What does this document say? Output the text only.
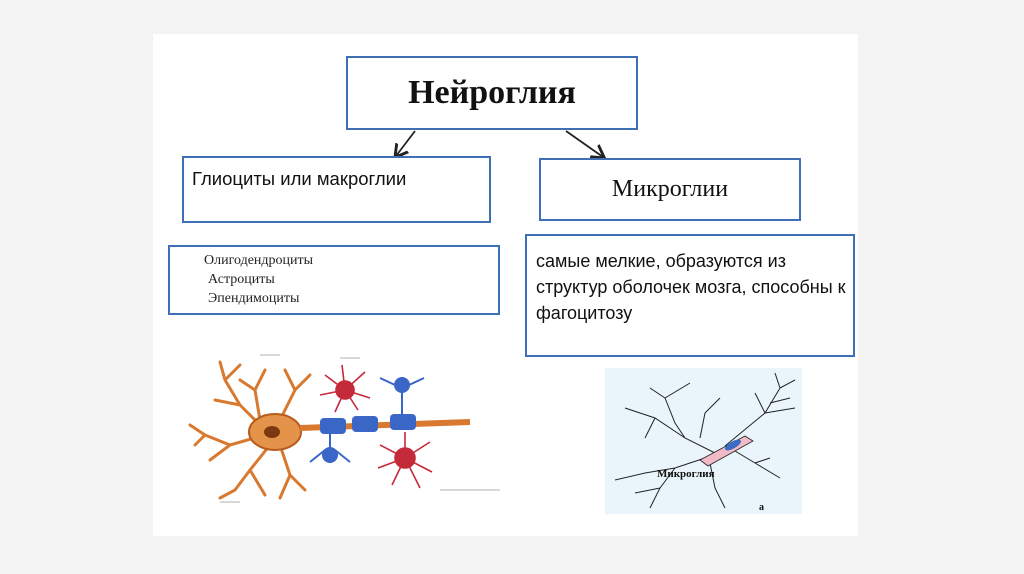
Нейроглия
Глиоциты или макроглии	Микроглии
Олигодендроциты
Астроциты
Эпендимоциты
самые мелкие, образуются из структур оболочек мозга, способны к фагоцитозу
Микроглия
а
